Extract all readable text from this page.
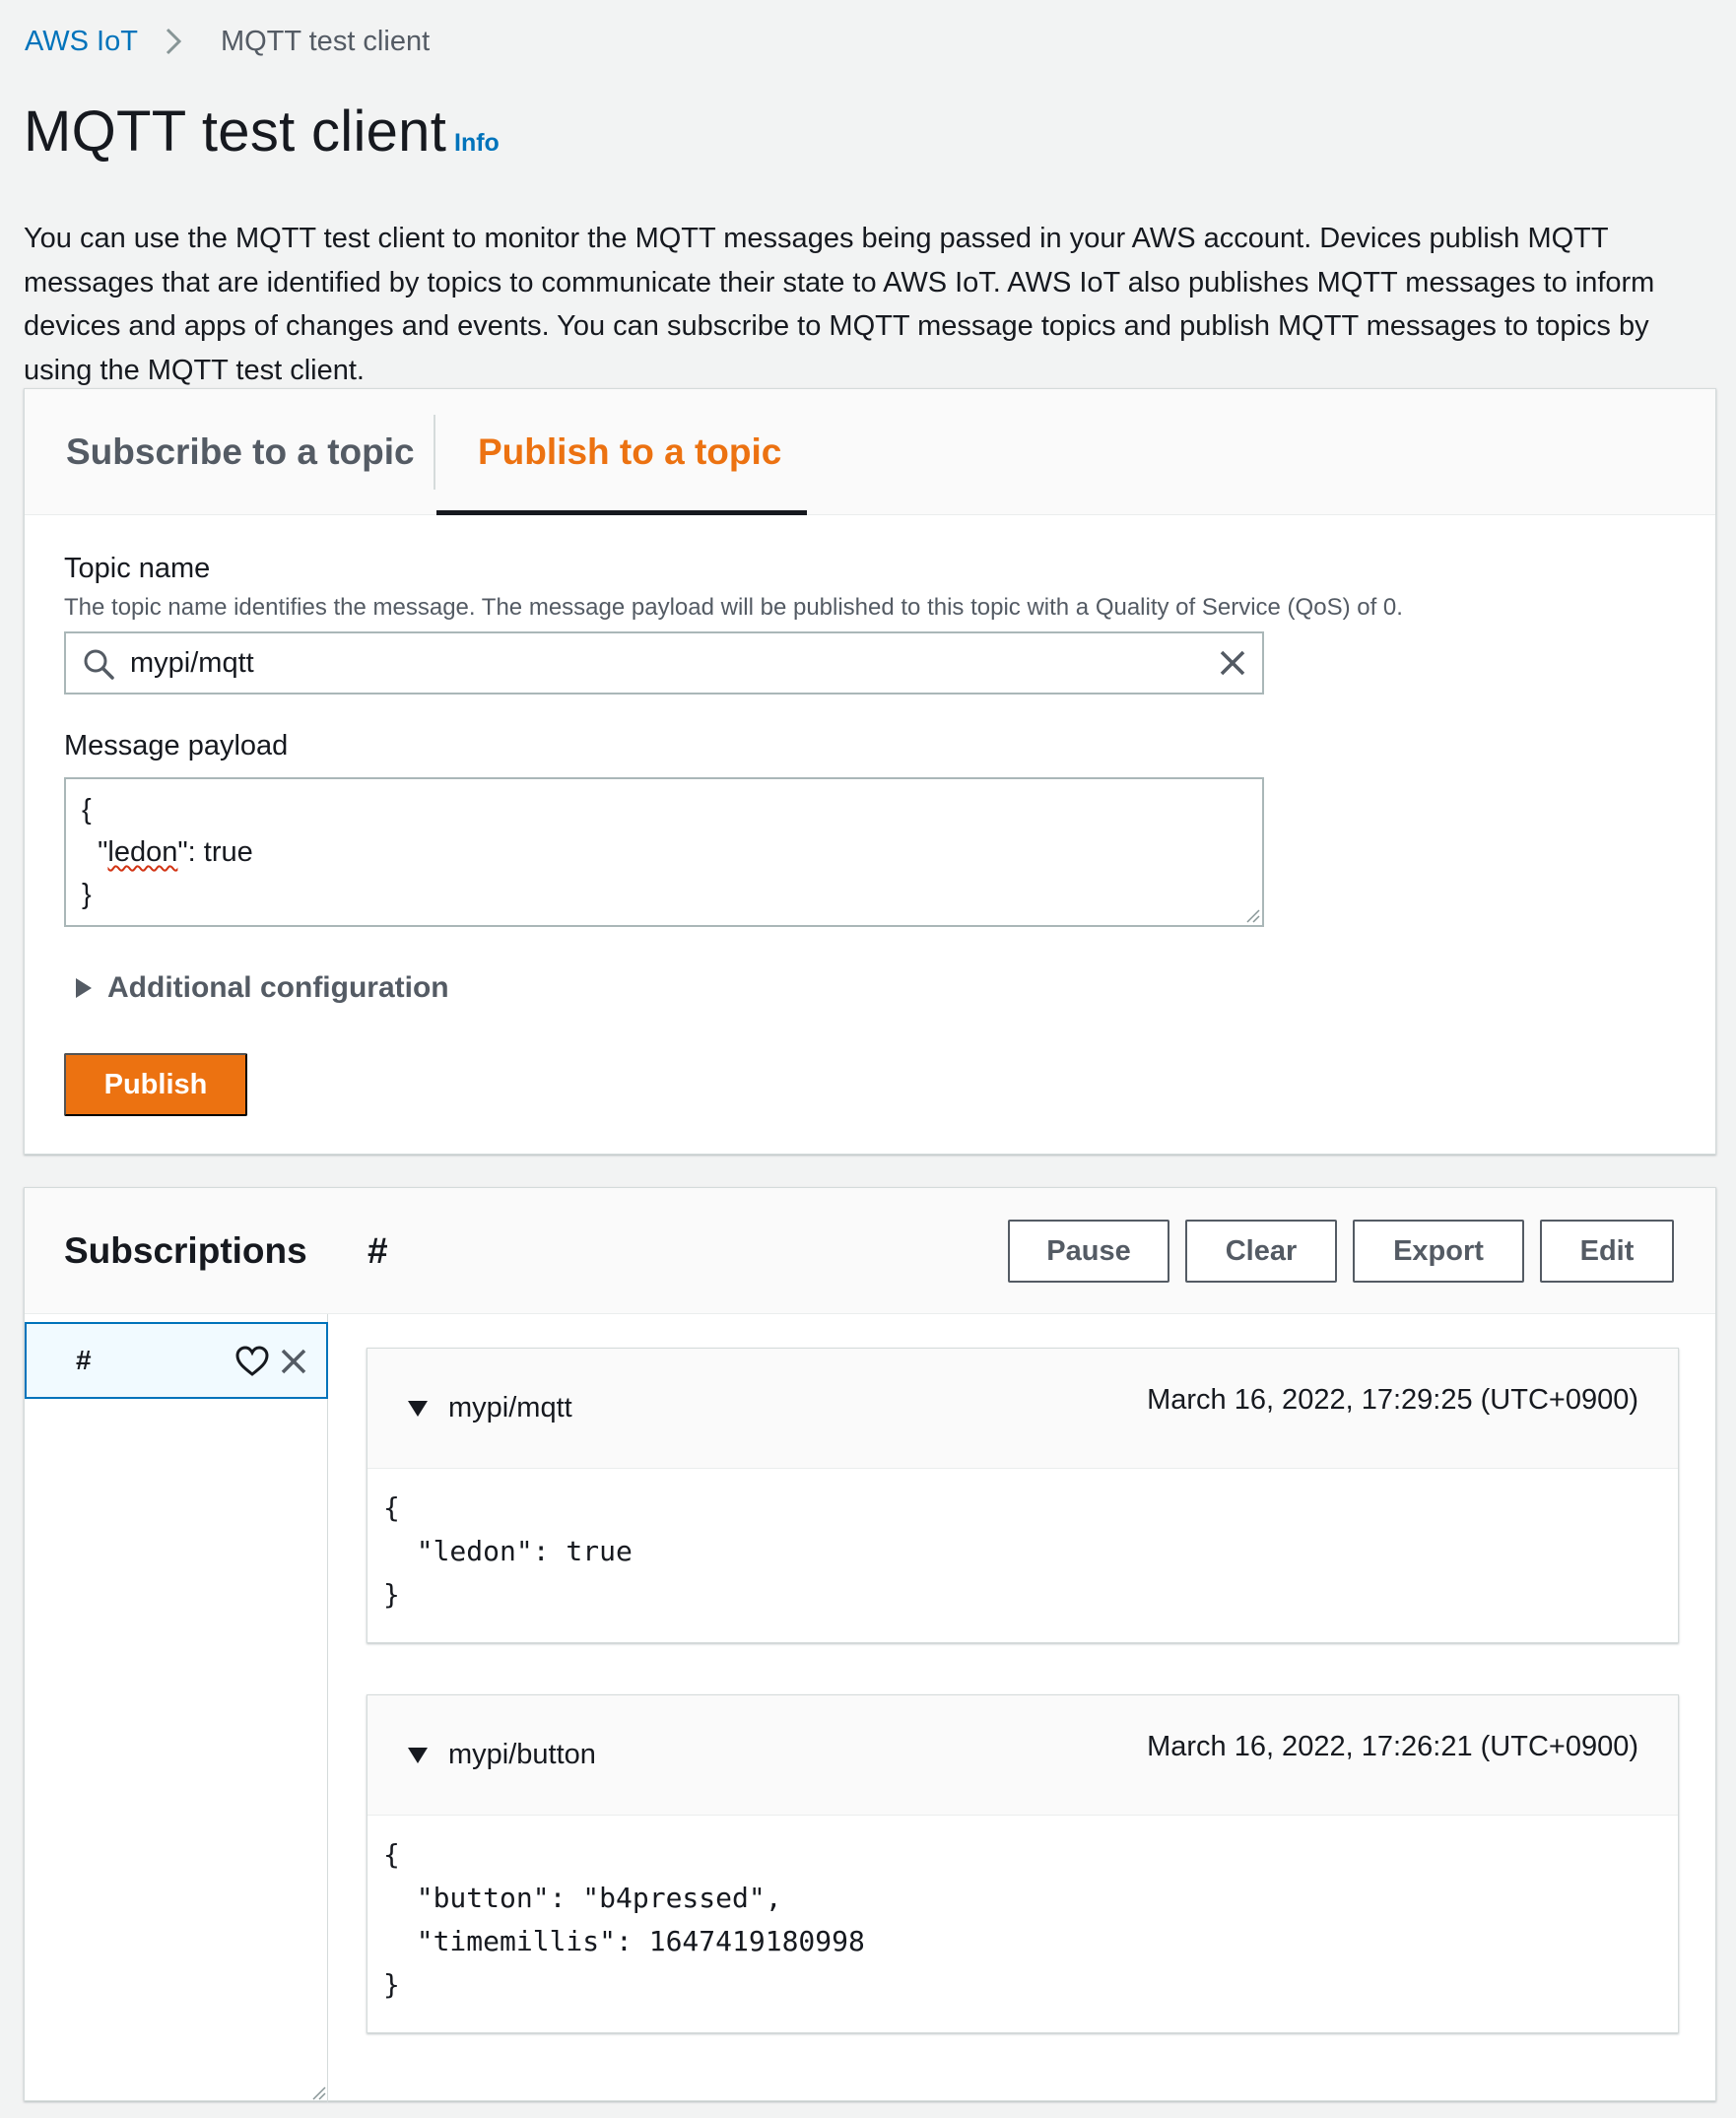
AWS IoT	MQTT test client
MQTT test client Info

You can use the MQTT test client to monitor the MQTT messages being passed in your AWS account. Devices publish MQTT messages that are identified by topics to communicate their state to AWS IoT. AWS IoT also publishes MQTT messages to inform devices and apps of changes and events. You can subscribe to MQTT message topics and publish MQTT messages to topics by using the MQTT test client.

Subscribe to a topic Publish to a topic
Topic name
The topic name identifies the message. The message payload will be published to this topic with a Quality of Service (QoS) of 0.
mypi/mqtt
Message payload
{
"ledon": true
}
Additional configuration
Publish
Subscriptions #	Pause	Clear	Export	Edit
#
mypi/mqtt	March 16, 2022, 17:29:25 (UTC+0900)
{
"ledon": true
}
mypi/button	March 16, 2022, 17:26:21 (UTC+0900)
{
"button": "b4pressed",
"timemillis": 1647419180998
}
